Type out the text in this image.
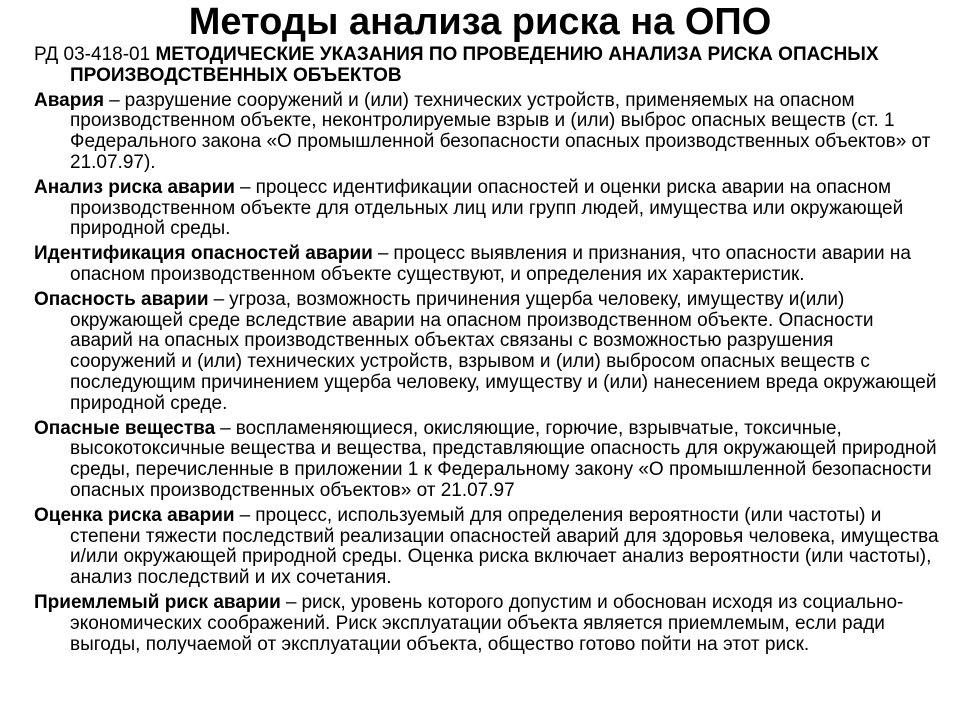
Методы анализа риска на ОПО

РД 03-418-01 МЕТОДИЧЕСКИЕ УКАЗАНИЯ ПО ПРОВЕДЕНИЮ АНАЛИЗА РИСКА ОПАСНЫХ ПРОИЗВОДСТВЕННЫХ ОБЪЕКТОВ

Авария – разрушение сооружений и (или) технических устройств, применяемых на опасном производственном объекте, неконтролируемые взрыв и (или) выброс опасных веществ (ст. 1 Федерального закона «О промышленной безопасности опасных производственных объектов» от 21.07.97).

Анализ риска аварии – процесс идентификации опасностей и оценки риска аварии на опасном производственном объекте для отдельных лиц или групп людей, имущества или окружающей природной среды.

Идентификация опасностей аварии – процесс выявления и признания, что опасности аварии на опасном производственном объекте существуют, и определения их характеристик.

Опасность аварии – угроза, возможность причинения ущерба человеку, имуществу и(или) окружающей среде вследствие аварии на опасном производственном объекте. Опасности аварий на опасных производственных объектах связаны с возможностью разрушения сооружений и (или) технических устройств, взрывом и (или) выбросом опасных веществ с последующим причинением ущерба человеку, имуществу и (или) нанесением вреда окружающей природной среде.

Опасные вещества – воспламеняющиеся, окисляющие, горючие, взрывчатые, токсичные, высокотоксичные вещества и вещества, представляющие опасность для окружающей природной среды, перечисленные в приложении 1 к Федеральному закону «О промышленной безопасности опасных производственных объектов» от 21.07.97

Оценка риска аварии – процесс, используемый для определения вероятности (или частоты) и степени тяжести последствий реализации опасностей аварий для здоровья человека, имущества и/или окружающей природной среды. Оценка риска включает анализ вероятности (или частоты), анализ последствий и их сочетания.

Приемлемый риск аварии – риск, уровень которого допустим и обоснован исходя из социально-экономических соображений. Риск эксплуатации объекта является приемлемым, если ради выгоды, получаемой от эксплуатации объекта, общество готово пойти на этот риск.
